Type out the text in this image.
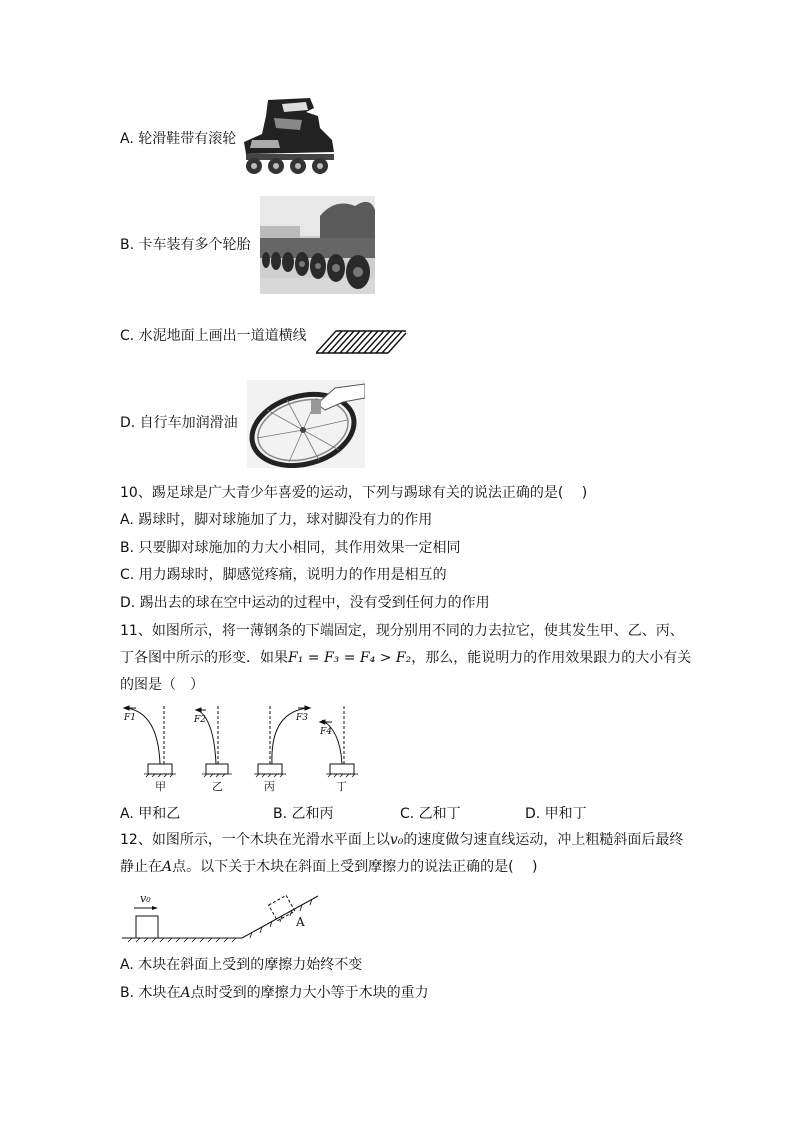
A. 轮滑鞋带有滚轮
B. 卡车装有多个轮胎
C. 水泥地面上画出一道道横线
D. 自行车加润滑油
10、踢足球是广大青少年喜爱的运动，下列与踢球有关的说法正确的是(　 )
A. 踢球时，脚对球施加了力，球对脚没有力的作用
B. 只要脚对球施加的力大小相同，其作用效果一定相同
C. 用力踢球时，脚感觉疼痛，说明力的作用是相互的
D. 踢出去的球在空中运动的过程中，没有受到任何力的作用
11、如图所示，将一薄钢条的下端固定，现分别用不同的力去拉它，使其发生甲、乙、丙、
丁各图中所示的形变．如果F₁ = F₃ = F₄ > F₂，那么，能说明力的作用效果跟力的大小有关
的图是（　）
F1	F2	F3
F4
甲	乙	丙	丁
A. 甲和乙	B. 乙和丙	C. 乙和丁	D. 甲和丁
12、如图所示，一个木块在光滑水平面上以v₀的速度做匀速直线运动，冲上粗糙斜面后最终
静止在A点。以下关于木块在斜面上受到摩擦力的说法正确的是(　 )
v₀
A
A. 木块在斜面上受到的摩擦力始终不变
B. 木块在A点时受到的摩擦力大小等于木块的重力
